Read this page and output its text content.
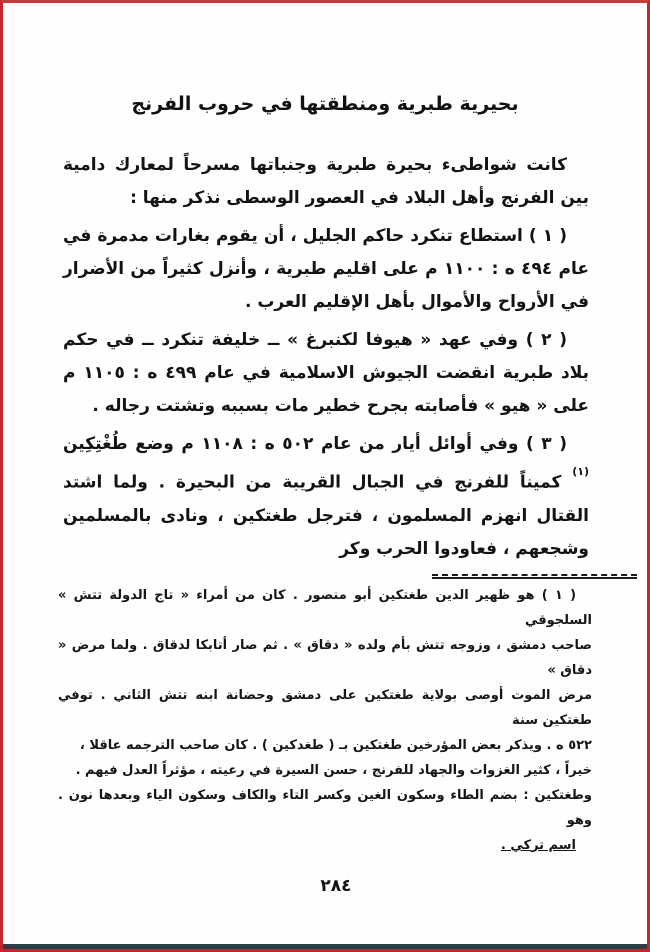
بحيرية طبرية ومنطقتها في حروب الفرنج

كانت شواطىء بحيرة طبرية وجنباتها مسرحاً لمعارك دامية بين الفرنج وأهل البلاد في العصور الوسطى نذكر منها :

( ١ ) استطاع تنكرد حاكم الجليل ، أن يقوم بغارات مدمرة في عام ٤٩٤ ه : ١١٠٠ م على اقليم طبرية ، وأنزل كثيراً من الأضرار في الأرواح والأموال بأهل الإقليم العرب .

( ٢ ) وفي عهد « هيوفا لكنبرغ » ــ خليفة تنكرد ــ في حكم بلاد طبرية انقضت الجيوش الاسلامية في عام ٤٩٩ ه : ١١٠٥ م على « هيو » فأصابته بجرح خطير مات بسببه وتشتت رجاله .

( ٣ ) وفي أوائل أيار من عام ٥٠٢ ه : ١١٠٨ م وضع طُغْتِكِين $^{(١)}$ كميناً للفرنج في الجبال القريبة من البحيرة . ولما اشتد القتال انهزم المسلمون ، فترجل طغتكين ، ونادى بالمسلمين وشجعهم ، فعاودوا الحرب وكر

( ١ ) هو ظهير الدين طغتكين أبو منصور . كان من أمراء « تاج الدولة تتش » السلجوقي
صاحب دمشق ، وزوجه تتش بأم ولده « دقاق » . ثم صار أتابكا لدقاق . ولما مرض « دقاق »
مرض الموت أوصى بولاية طغتكين على دمشق وحضانة ابنه تتش الثاني . توفي طغتكين سنة
٥٢٢ ه . ويذكر بعض المؤرخين طغتكين بـ ( طغدكين ) . كان صاحب الترجمه عاقلا ،
خيراً ، كثير الغزوات والجهاد للفرنج ، حسن السيرة في رعيته ، مؤثراً العدل فيهم .
وطغتكين : بضم الطاء وسكون الغين وكسر التاء والكاف وسكون الياء وبعدها نون . وهو
اسم تركي .
٢٨٤
